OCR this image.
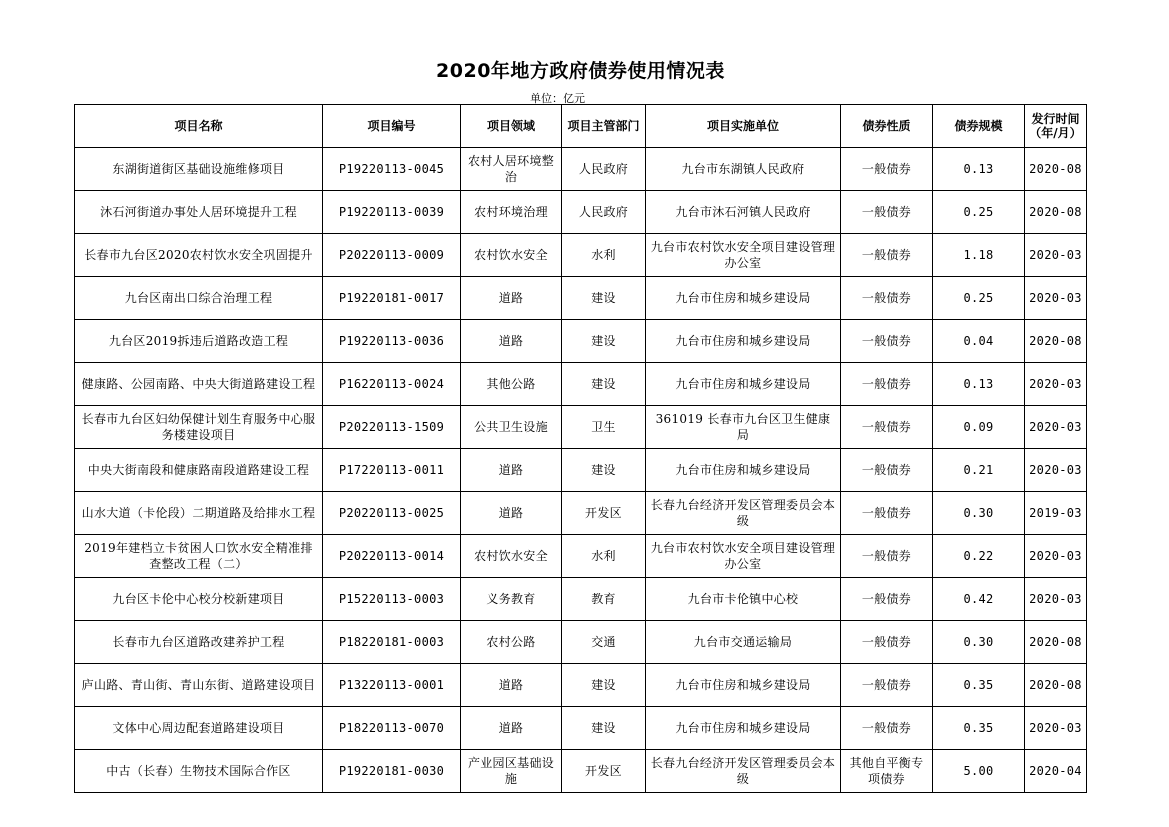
2020年地方政府债券使用情况表
单位：亿元
项目名称	项目编号	项目领域	项目主管部门	项目实施单位	债券性质	债券规模	发行时间（年/月）

东湖街道街区基础设施维修项目	P19220113-0045	农村人居环境整治	人民政府	九台市东湖镇人民政府	一般债券	0.13	2020-08
沐石河街道办事处人居环境提升工程	P19220113-0039	农村环境治理	人民政府	九台市沐石河镇人民政府	一般债券	0.25	2020-08
长春市九台区2020农村饮水安全巩固提升	P20220113-0009	农村饮水安全	水利	九台市农村饮水安全项目建设管理办公室	一般债券	1.18	2020-03
九台区南出口综合治理工程	P19220181-0017	道路	建设	九台市住房和城乡建设局	一般债券	0.25	2020-03
九台区2019拆违后道路改造工程	P19220113-0036	道路	建设	九台市住房和城乡建设局	一般债券	0.04	2020-08
健康路、公园南路、中央大街道路建设工程	P16220113-0024	其他公路	建设	九台市住房和城乡建设局	一般债券	0.13	2020-03
长春市九台区妇幼保健计划生育服务中心服务楼建设项目	P20220113-1509	公共卫生设施	卫生	361019 长春市九台区卫生健康局	一般债券	0.09	2020-03
中央大街南段和健康路南段道路建设工程	P17220113-0011	道路	建设	九台市住房和城乡建设局	一般债券	0.21	2020-03
山水大道（卡伦段）二期道路及给排水工程	P20220113-0025	道路	开发区	长春九台经济开发区管理委员会本级	一般债券	0.30	2019-03
2019年建档立卡贫困人口饮水安全精准排查整改工程（二）	P20220113-0014	农村饮水安全	水利	九台市农村饮水安全项目建设管理办公室	一般债券	0.22	2020-03
九台区卡伦中心校分校新建项目	P15220113-0003	义务教育	教育	九台市卡伦镇中心校	一般债券	0.42	2020-03
长春市九台区道路改建养护工程	P18220181-0003	农村公路	交通	九台市交通运输局	一般债券	0.30	2020-08
庐山路、青山街、青山东街、道路建设项目	P13220113-0001	道路	建设	九台市住房和城乡建设局	一般债券	0.35	2020-08
文体中心周边配套道路建设项目	P18220113-0070	道路	建设	九台市住房和城乡建设局	一般债券	0.35	2020-03
中古（长春）生物技术国际合作区	P19220181-0030	产业园区基础设施	开发区	长春九台经济开发区管理委员会本级	其他自平衡专项债券	5.00	2020-04
